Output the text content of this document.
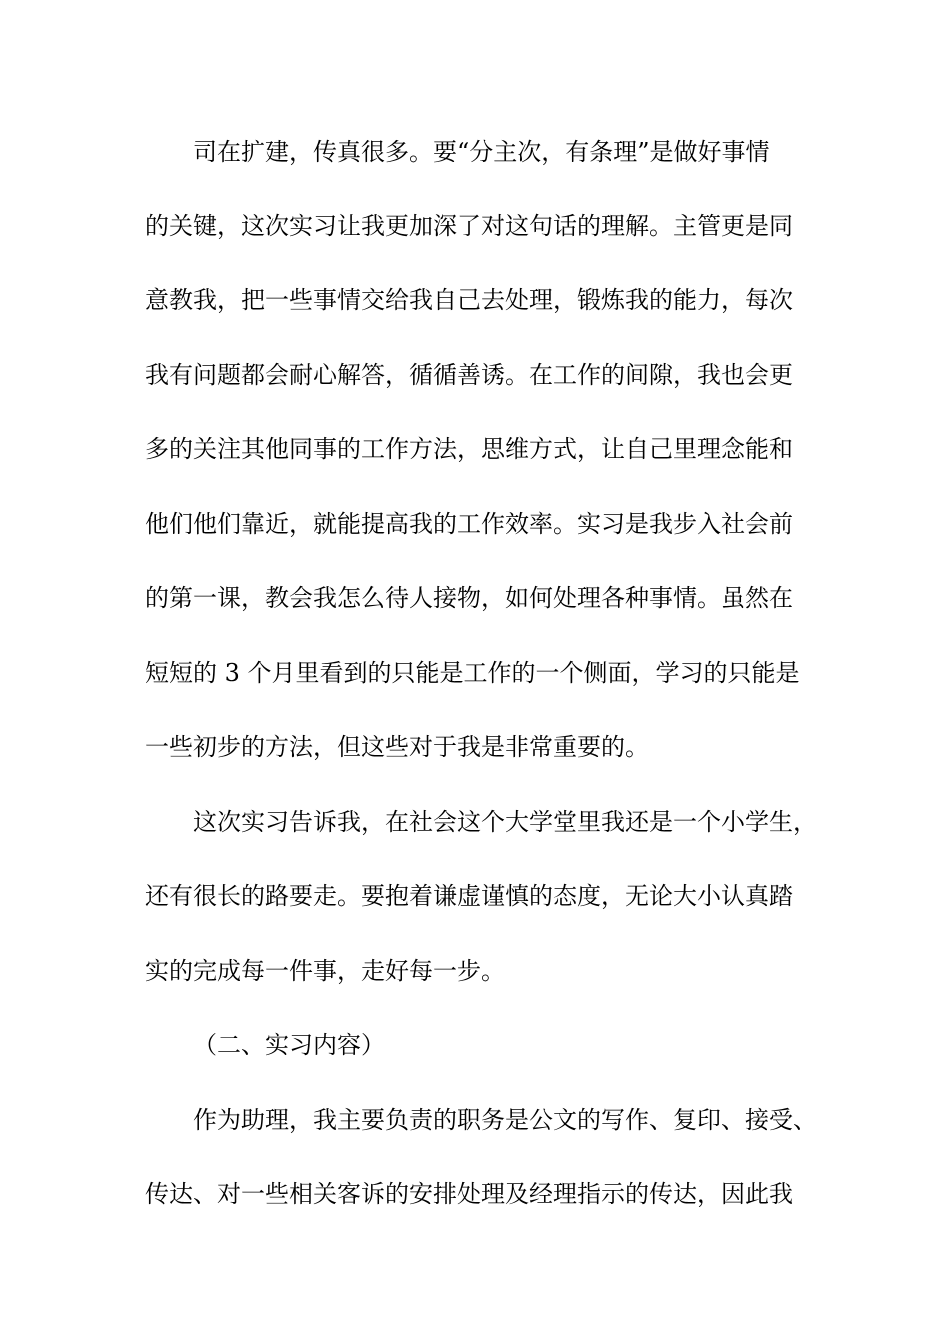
司在扩建，传真很多。要“分主次，有条理”是做好事情

的关键，这次实习让我更加深了对这句话的理解。主管更是同

意教我，把一些事情交给我自己去处理，锻炼我的能力，每次

我有问题都会耐心解答，循循善诱。在工作的间隙，我也会更

多的关注其他同事的工作方法，思维方式，让自己里理念能和

他们他们靠近，就能提高我的工作效率。实习是我步入社会前

的第一课，教会我怎么待人接物，如何处理各种事情。虽然在

短短的 3 个月里看到的只能是工作的一个侧面，学习的只能是

一些初步的方法，但这些对于我是非常重要的。

这次实习告诉我，在社会这个大学堂里我还是一个小学生，

还有很长的路要走。要抱着谦虚谨慎的态度，无论大小认真踏

实的完成每一件事，走好每一步。

（二、实习内容）

作为助理，我主要负责的职务是公文的写作、复印、接受、

传达、对一些相关客诉的安排处理及经理指示的传达，因此我
